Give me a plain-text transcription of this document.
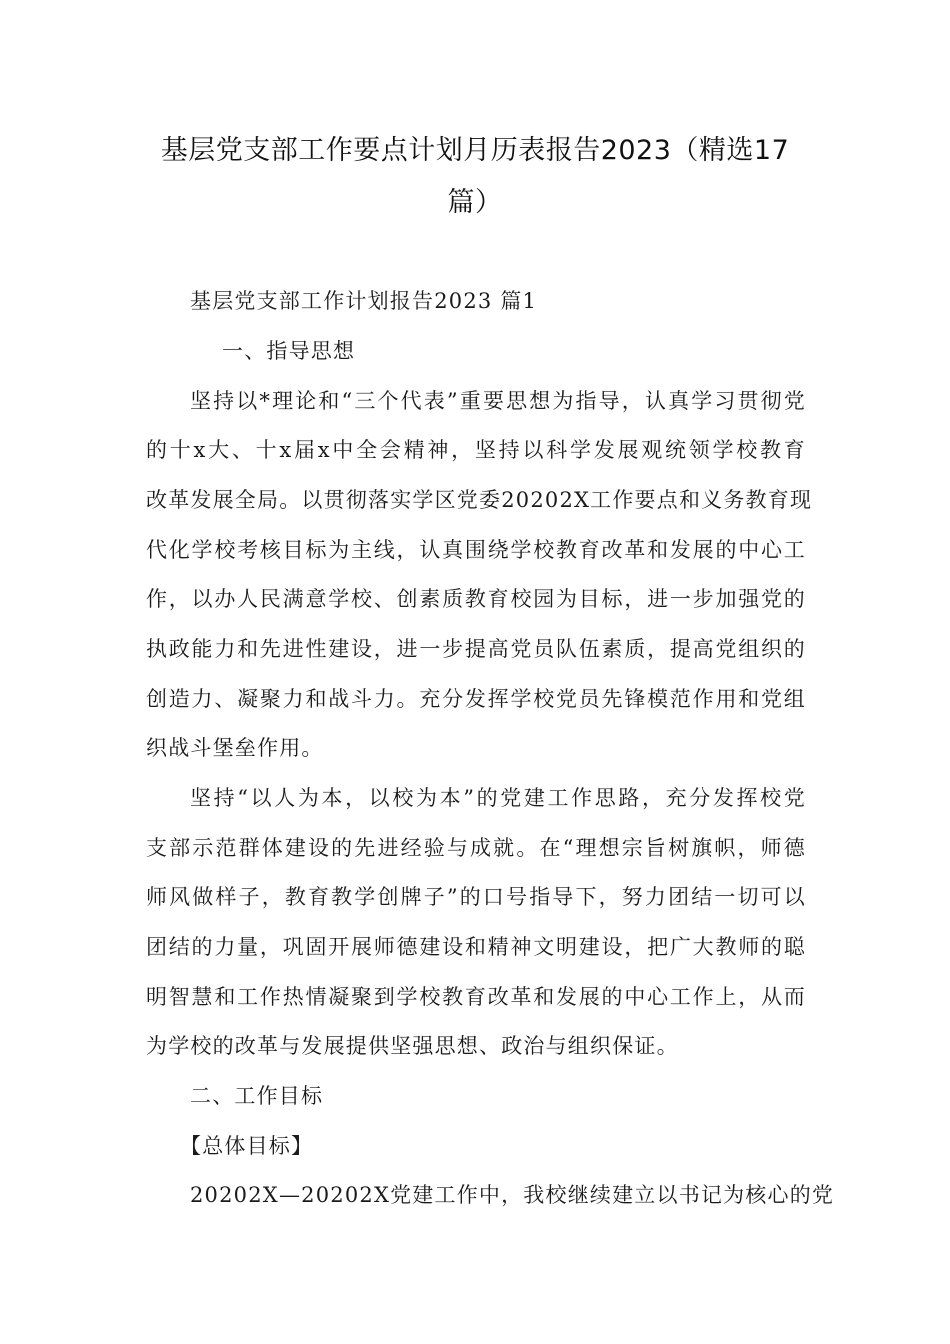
基层党支部工作要点计划月历表报告2023（精选17
篇）
基层党支部工作计划报告2023 篇1
一、指导思想
坚持以*理论和“三个代表”重要思想为指导，认真学习贯彻党
的十x大、十x届x中全会精神，坚持以科学发展观统领学校教育
改革发展全局。以贯彻落实学区党委20202X工作要点和义务教育现
代化学校考核目标为主线，认真围绕学校教育改革和发展的中心工
作，以办人民满意学校、创素质教育校园为目标，进一步加强党的
执政能力和先进性建设，进一步提高党员队伍素质，提高党组织的
创造力、凝聚力和战斗力。充分发挥学校党员先锋模范作用和党组
织战斗堡垒作用。
坚持“以人为本，以校为本”的党建工作思路，充分发挥校党
支部示范群体建设的先进经验与成就。在“理想宗旨树旗帜，师德
师风做样子，教育教学创牌子”的口号指导下，努力团结一切可以
团结的力量，巩固开展师德建设和精神文明建设，把广大教师的聪
明智慧和工作热情凝聚到学校教育改革和发展的中心工作上，从而
为学校的改革与发展提供坚强思想、政治与组织保证。
二、工作目标
【总体目标】
20202X—20202X党建工作中，我校继续建立以书记为核心的党
